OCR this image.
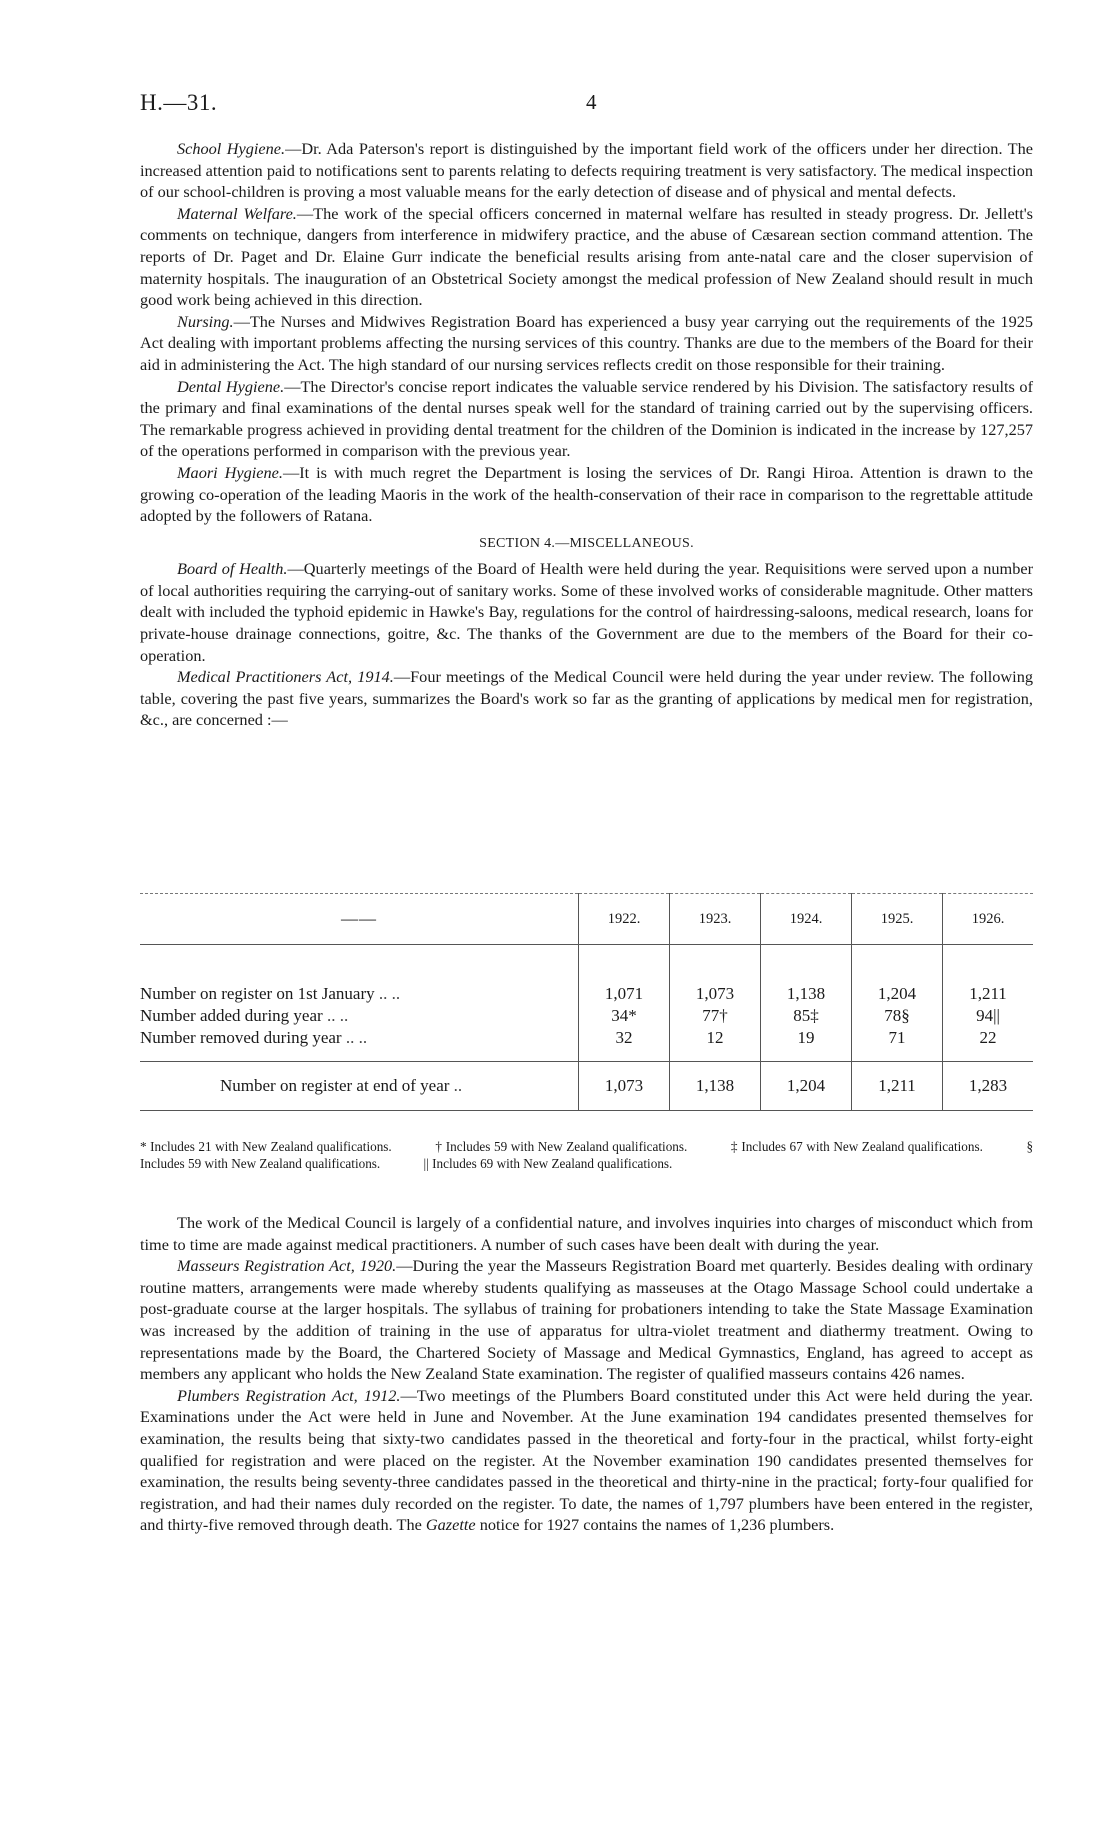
H.—31.	4

School Hygiene.—Dr. Ada Paterson's report is distinguished by the important field work of the officers under her direction. The increased attention paid to notifications sent to parents relating to defects requiring treatment is very satisfactory. The medical inspection of our school-children is proving a most valuable means for the early detection of disease and of physical and mental defects.

Maternal Welfare.—The work of the special officers concerned in maternal welfare has resulted in steady progress. Dr. Jellett's comments on technique, dangers from interference in midwifery practice, and the abuse of Cæsarean section command attention. The reports of Dr. Paget and Dr. Elaine Gurr indicate the beneficial results arising from ante-natal care and the closer supervision of maternity hospitals. The inauguration of an Obstetrical Society amongst the medical profession of New Zealand should result in much good work being achieved in this direction.

Nursing.—The Nurses and Midwives Registration Board has experienced a busy year carrying out the requirements of the 1925 Act dealing with important problems affecting the nursing services of this country. Thanks are due to the members of the Board for their aid in administering the Act. The high standard of our nursing services reflects credit on those responsible for their training.

Dental Hygiene.—The Director's concise report indicates the valuable service rendered by his Division. The satisfactory results of the primary and final examinations of the dental nurses speak well for the standard of training carried out by the supervising officers. The remarkable progress achieved in providing dental treatment for the children of the Dominion is indicated in the increase by 127,257 of the operations performed in comparison with the previous year.

Maori Hygiene.—It is with much regret the Department is losing the services of Dr. Rangi Hiroa. Attention is drawn to the growing co-operation of the leading Maoris in the work of the health-conservation of their race in comparison to the regrettable attitude adopted by the followers of Ratana.

SECTION 4.—MISCELLANEOUS.

Board of Health.—Quarterly meetings of the Board of Health were held during the year. Requisitions were served upon a number of local authorities requiring the carrying-out of sanitary works. Some of these involved works of considerable magnitude. Other matters dealt with included the typhoid epidemic in Hawke's Bay, regulations for the control of hairdressing-saloons, medical research, loans for private-house drainage connections, goitre, &c. The thanks of the Government are due to the members of the Board for their co-operation.

Medical Practitioners Act, 1914.—Four meetings of the Medical Council were held during the year under review. The following table, covering the past five years, summarizes the Board's work so far as the granting of applications by medical men for registration, &c., are concerned :—

——	1922.	1923.	1924.	1925.	1926.
Number on register on 1st January .. ..	1,071	1,073	1,138	1,204	1,211
Number added during year .. ..	34*	77†	85‡	78§	94||
Number removed during year .. ..	32	12	19	71	22
Number on register at end of year ..	1,073	1,138	1,204	1,211	1,283
* Includes 21 with New Zealand qualifications.	† Includes 59 with New Zealand qualifications.	‡ Includes 67 with New Zealand qualifications.	§ Includes 59 with New Zealand qualifications.	|| Includes 69 with New Zealand qualifications.

The work of the Medical Council is largely of a confidential nature, and involves inquiries into charges of misconduct which from time to time are made against medical practitioners. A number of such cases have been dealt with during the year.

Masseurs Registration Act, 1920.—During the year the Masseurs Registration Board met quarterly. Besides dealing with ordinary routine matters, arrangements were made whereby students qualifying as masseuses at the Otago Massage School could undertake a post-graduate course at the larger hospitals. The syllabus of training for probationers intending to take the State Massage Examination was increased by the addition of training in the use of apparatus for ultra-violet treatment and diathermy treatment. Owing to representations made by the Board, the Chartered Society of Massage and Medical Gymnastics, England, has agreed to accept as members any applicant who holds the New Zealand State examination. The register of qualified masseurs contains 426 names.

Plumbers Registration Act, 1912.—Two meetings of the Plumbers Board constituted under this Act were held during the year. Examinations under the Act were held in June and November. At the June examination 194 candidates presented themselves for examination, the results being that sixty-two candidates passed in the theoretical and forty-four in the practical, whilst forty-eight qualified for registration and were placed on the register. At the November examination 190 candidates presented themselves for examination, the results being seventy-three candidates passed in the theoretical and thirty-nine in the practical; forty-four qualified for registration, and had their names duly recorded on the register. To date, the names of 1,797 plumbers have been entered in the register, and thirty-five removed through death. The Gazette notice for 1927 contains the names of 1,236 plumbers.
